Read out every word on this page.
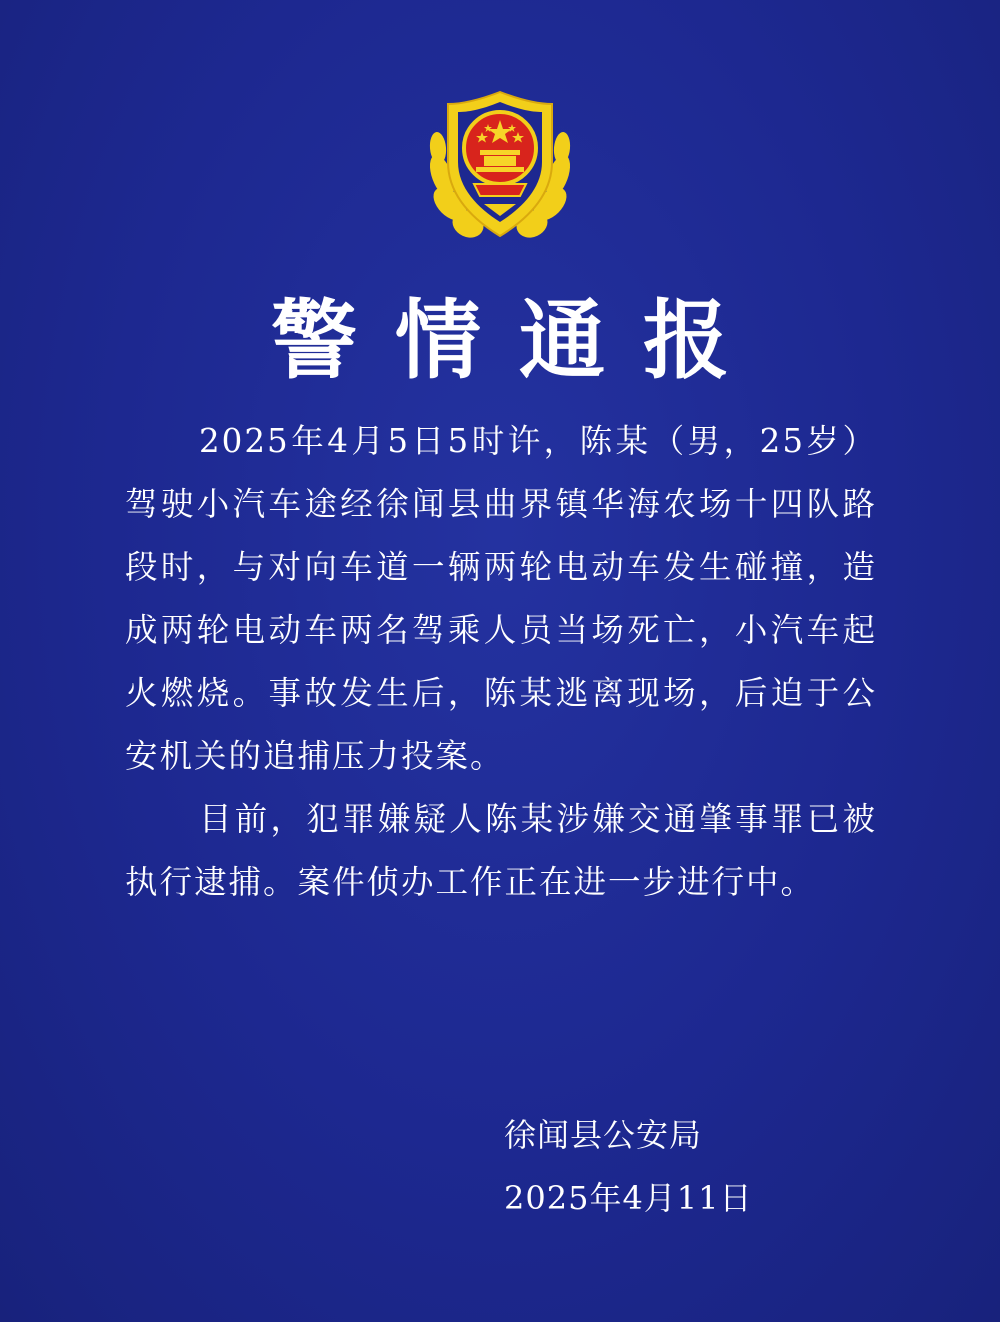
警情通报

2025年4月5日5时许，陈某（男，25岁）驾驶小汽车途经徐闻县曲界镇华海农场十四队路段时，与对向车道一辆两轮电动车发生碰撞，造成两轮电动车两名驾乘人员当场死亡，小汽车起火燃烧。事故发生后，陈某逃离现场，后迫于公安机关的追捕压力投案。

目前，犯罪嫌疑人陈某涉嫌交通肇事罪已被执行逮捕。案件侦办工作正在进一步进行中。

徐闻县公安局
2025年4月11日
